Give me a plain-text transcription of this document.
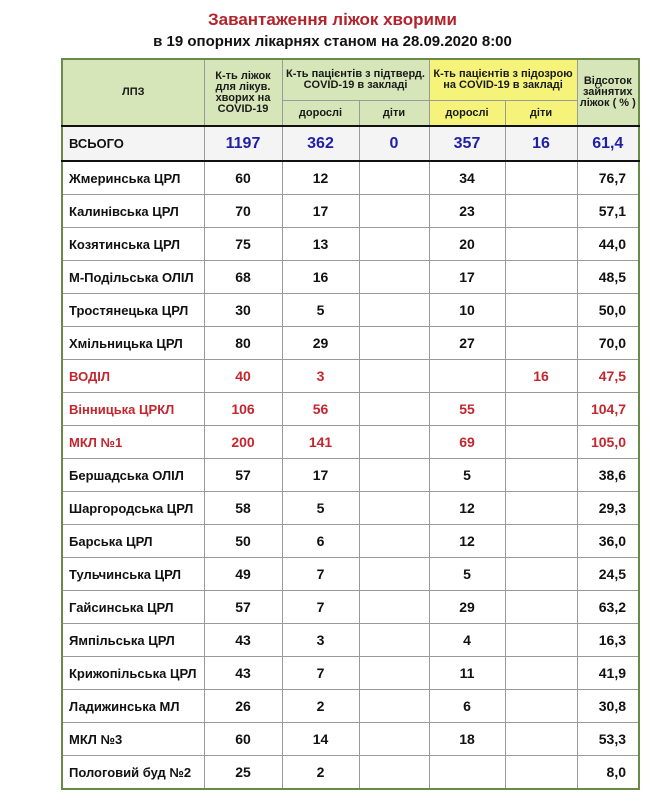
Завантаження ліжок хворими
в 19 опорних лікарнях станом на 28.09.2020 8:00
ЛПЗ	К-ть ліжок для лікув. хворих на COVID-19	К-ть пацієнтів з підтверд. COVID-19 в закладі		К-ть пацієнтів з підозрою на COVID-19 в закладі		Відсоток зайнятих ліжок ( % )
		дорослі	діти	дорослі	діти	
ВСЬОГО	1197	362	0	357	16	61,4
Жмеринська ЦРЛ	60	12		34		76,7
Калинівська ЦРЛ	70	17		23		57,1
Козятинська ЦРЛ	75	13		20		44,0
М-Подільська ОЛІЛ	68	16		17		48,5
Тростянецька ЦРЛ	30	5		10		50,0
Хмільницька ЦРЛ	80	29		27		70,0
ВОДІЛ	40	3			16	47,5
Вінницька ЦРКЛ	106	56		55		104,7
МКЛ №1	200	141		69		105,0
Бершадська ОЛІЛ	57	17		5		38,6
Шаргородська ЦРЛ	58	5		12		29,3
Барська ЦРЛ	50	6		12		36,0
Тульчинська ЦРЛ	49	7		5		24,5
Гайсинська ЦРЛ	57	7		29		63,2
Ямпільська ЦРЛ	43	3		4		16,3
Крижопільська ЦРЛ	43	7		11		41,9
Ладижинська МЛ	26	2		6		30,8
МКЛ №3	60	14		18		53,3
Пологовий буд №2	25	2				8,0
